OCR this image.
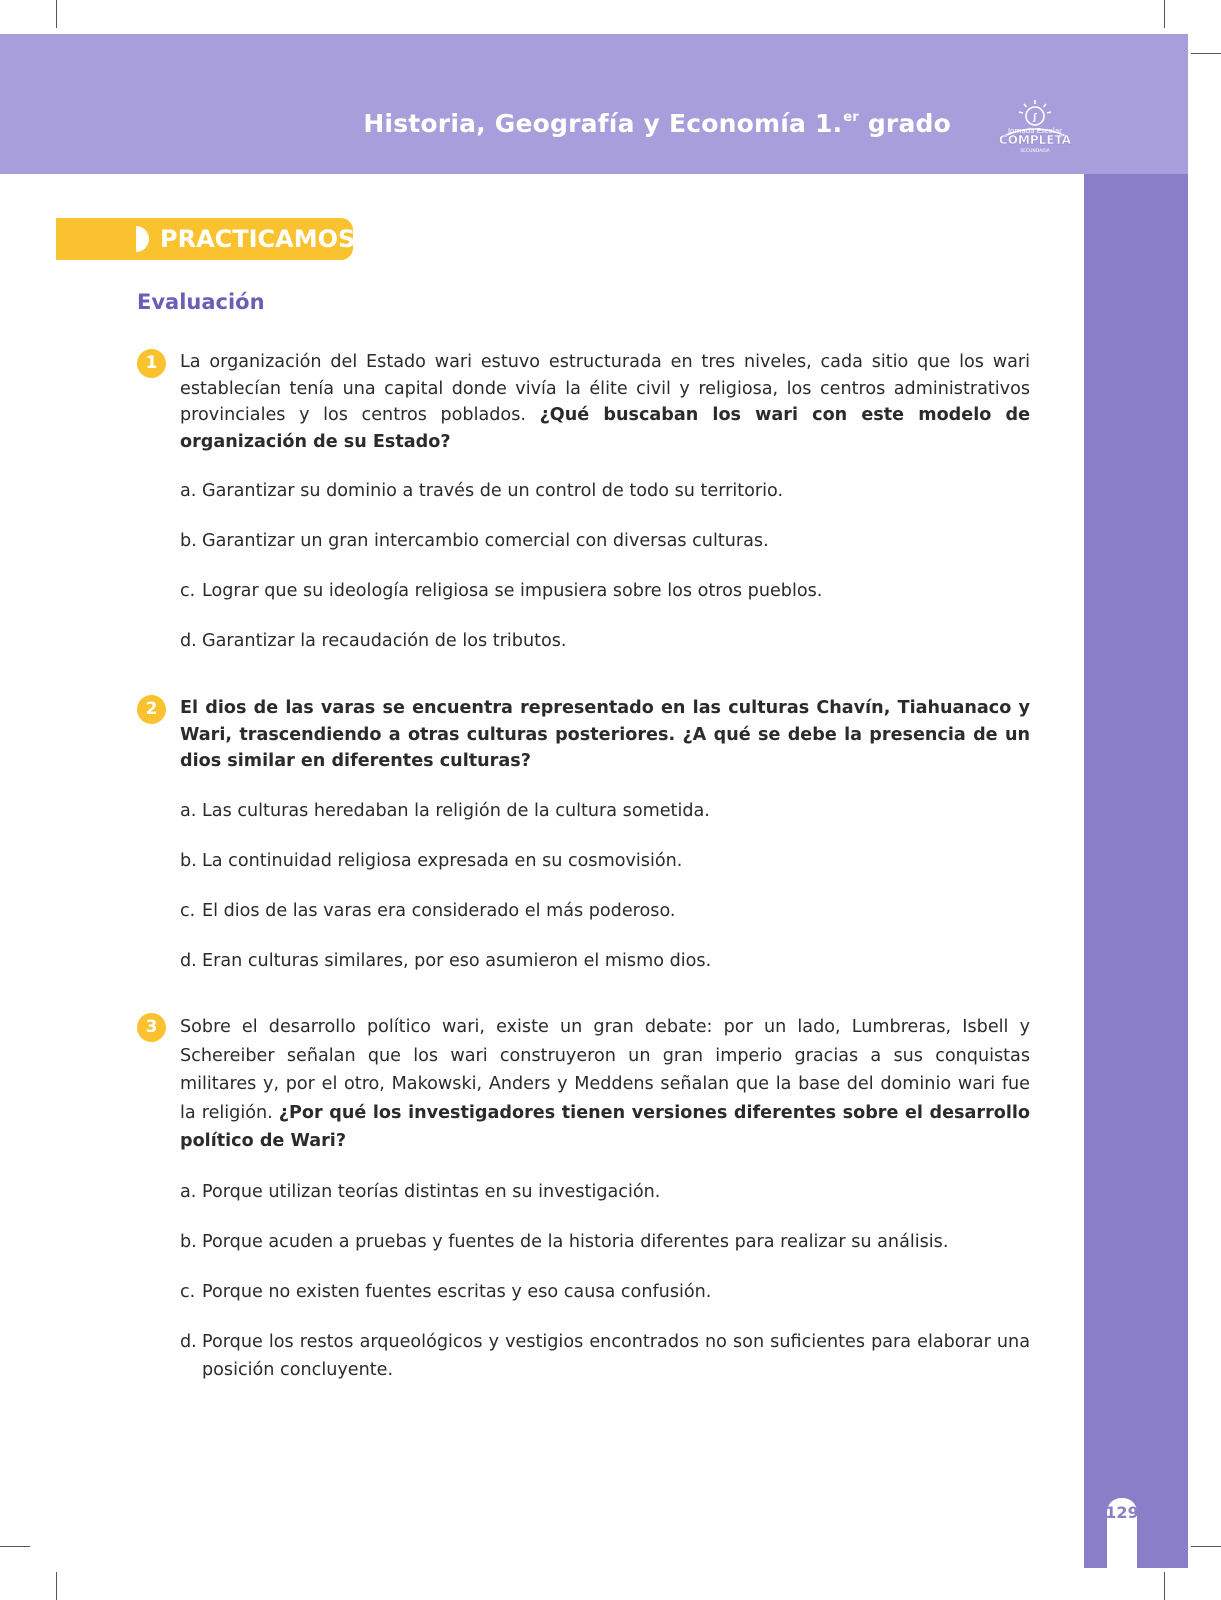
Historia, Geografía y Economía 1.$^{er}$ grado	ʃ
Jornada Escolar
COMPLETA
SECUNDARIA
129
PRACTICAMOS
Evaluación
1	La organización del Estado wari estuvo estructurada en tres niveles, cada sitio que los wari establecían tenía una capital donde vivía la élite civil y religiosa, los centros administrativos provinciales y los centros poblados. ¿Qué buscaban los wari con este modelo de organización de su Estado?
a. Garantizar su dominio a través de un control de todo su territorio.
b. Garantizar un gran intercambio comercial con diversas culturas.
c. Lograr que su ideología religiosa se impusiera sobre los otros pueblos.
d. Garantizar la recaudación de los tributos.
2	El dios de las varas se encuentra representado en las culturas Chavín, Tiahuanaco y Wari, trascendiendo a otras culturas posteriores. ¿A qué se debe la presencia de un dios similar en diferentes culturas?
a. Las culturas heredaban la religión de la cultura sometida.
b. La continuidad religiosa expresada en su cosmovisión.
c. El dios de las varas era considerado el más poderoso.
d. Eran culturas similares, por eso asumieron el mismo dios.
3	Sobre el desarrollo político wari, existe un gran debate: por un lado, Lumbreras, Isbell y Schereiber señalan que los wari construyeron un gran imperio gracias a sus conquistas militares y, por el otro, Makowski, Anders y Meddens señalan que la base del dominio wari fue la religión. ¿Por qué los investigadores tienen versiones diferentes sobre el desarrollo político de Wari?
a. Porque utilizan teorías distintas en su investigación.
b. Porque acuden a pruebas y fuentes de la historia diferentes para realizar su análisis.
c. Porque no existen fuentes escritas y eso causa confusión.
d. Porque los restos arqueológicos y vestigios encontrados no son suficientes para elaborar una posición concluyente.
